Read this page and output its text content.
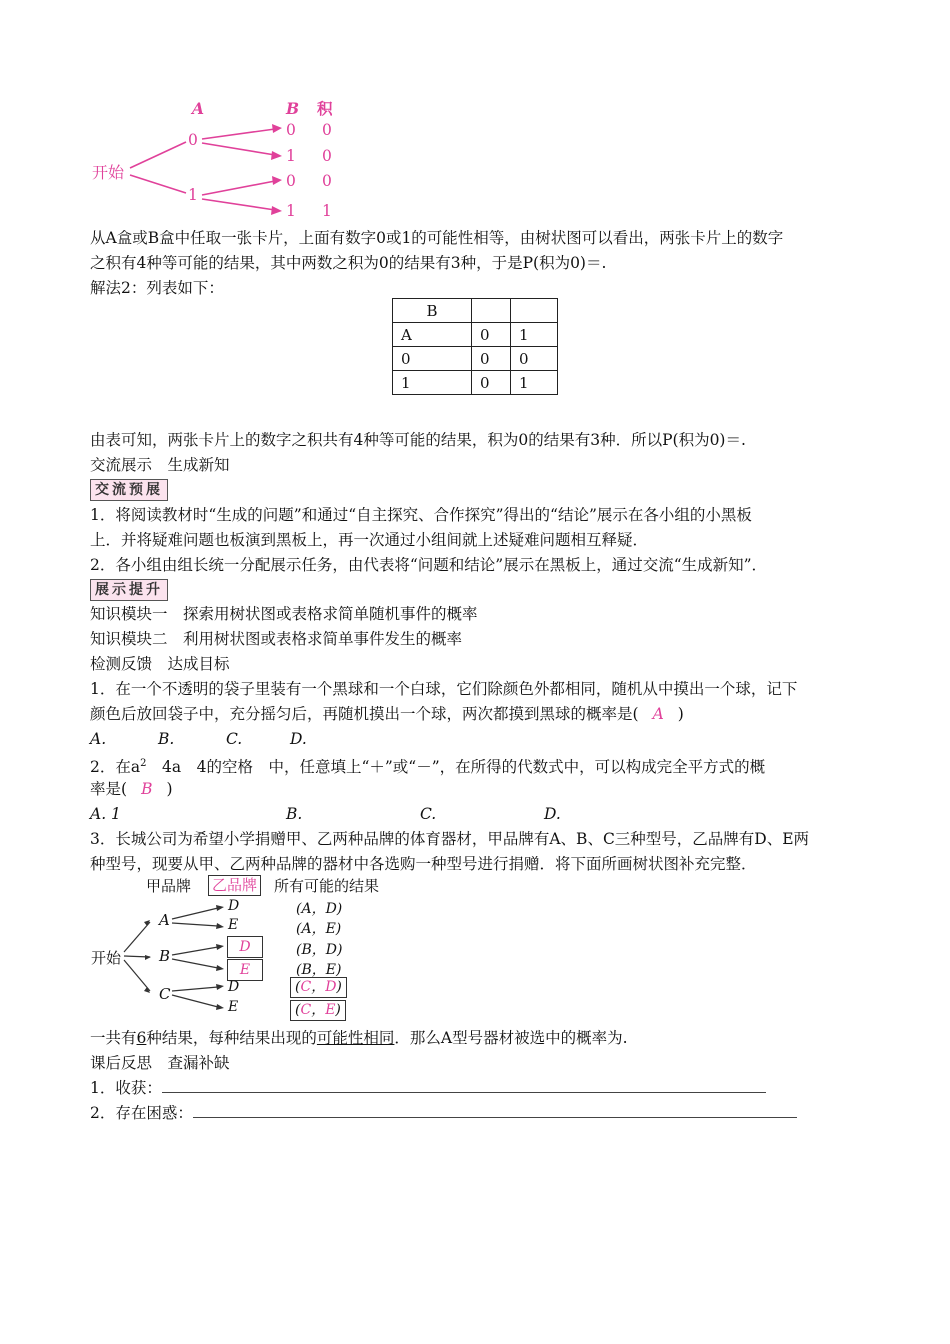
开始
A	B 积
0
1
0 0
1 0
0 0
1 1
从A盒或B盒中任取一张卡片，上面有数字0或1的可能性相等，由树状图可以看出，两张卡片上的数字
之积有4种等可能的结果，其中两数之积为0的结果有3种，于是P(积为0)＝.
解法2：列表如下：
B		
A	0	1
0	0	0
1	0	1
由表可知，两张卡片上的数字之积共有4种等可能的结果，积为0的结果有3种．所以P(积为0)＝.
交流展示　生成新知
交流预展
1．将阅读教材时“生成的问题”和通过“自主探究、合作探究”得出的“结论”展示在各小组的小黑板
上．并将疑难问题也板演到黑板上，再一次通过小组间就上述疑难问题相互释疑．
2．各小组由组长统一分配展示任务，由代表将“问题和结论”展示在黑板上，通过交流“生成新知”．
展示提升
知识模块一　探索用树状图或表格求简单随机事件的概率
知识模块二　利用树状图或表格求简单事件发生的概率
检测反馈　达成目标
1．在一个不透明的袋子里装有一个黑球和一个白球，它们除颜色外都相同，随机从中摸出一个球，记下
颜色后放回袋子中，充分摇匀后，再随机摸出一个球，两次都摸到黑球的概率是( A )
A.	B.	C.	D.
2．在$a^2$　4a　4的空格　中，任意填上“＋”或“－”，在所得的代数式中，可以构成完全平方式的概
率是( B )
A. 1	B.	C.	D.
3．长城公司为希望小学捐赠甲、乙两种品牌的体育器材，甲品牌有A、B、C三种型号，乙品牌有D、E两
种型号，现要从甲、乙两种品牌的器材中各选购一种型号进行捐赠．将下面所画树状图补充完整．
甲品牌 乙品牌 所有可能的结果
开始
A
B
C
D
E
D
E
D
E
(A，D)
(A，E)
(B，D)
(B，E)
(C，D)
(C，E)
一共有6种结果，每种结果出现的可能性相同．那么A型号器材被选中的概率为.
课后反思　查漏补缺
1．收获：
2．存在困惑：
